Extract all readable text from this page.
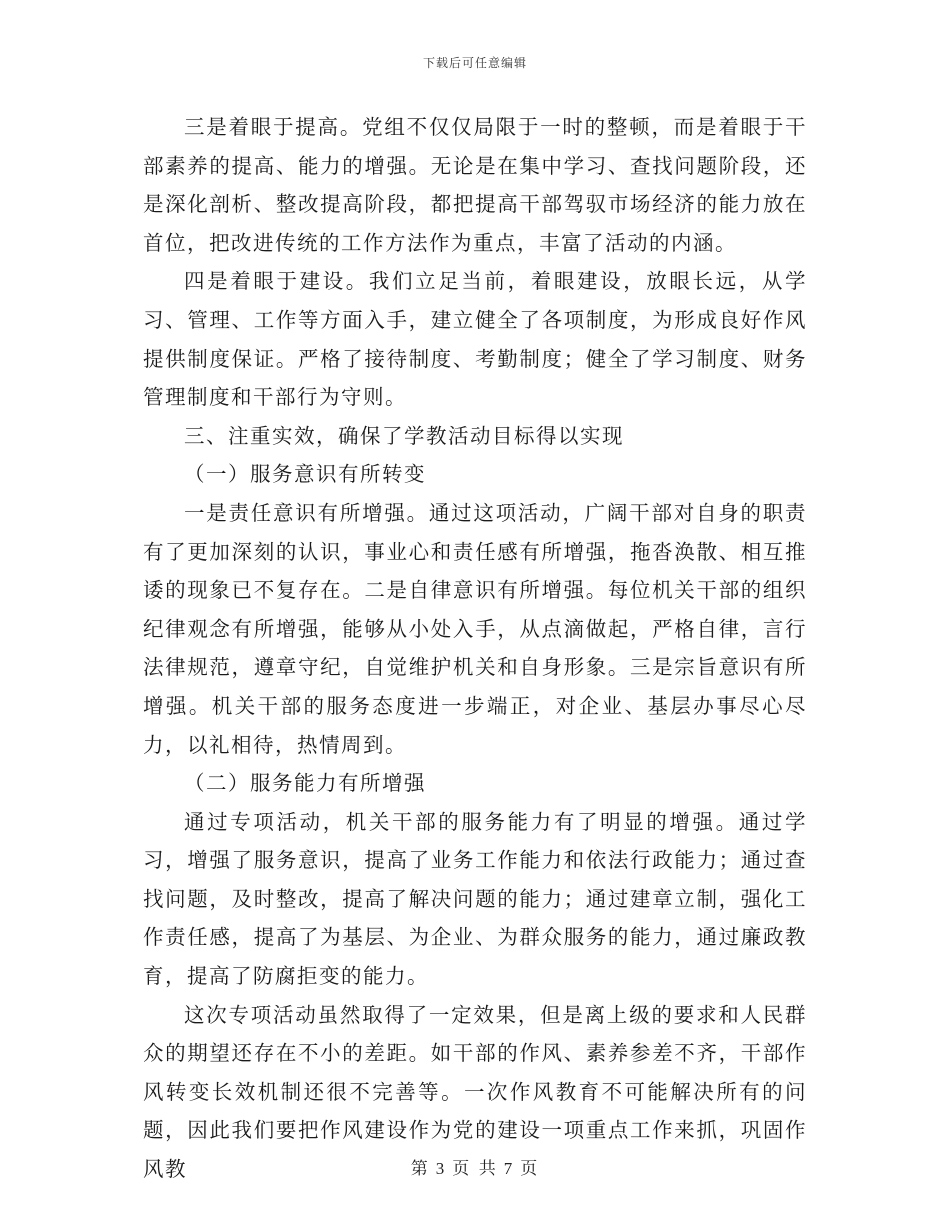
下载后可任意编辑

三是着眼于提高。党组不仅仅局限于一时的整顿，而是着眼于干部素养的提高、能力的增强。无论是在集中学习、查找问题阶段，还是深化剖析、整改提高阶段，都把提高干部驾驭市场经济的能力放在首位，把改进传统的工作方法作为重点，丰富了活动的内涵。

四是着眼于建设。我们立足当前，着眼建设，放眼长远，从学习、管理、工作等方面入手，建立健全了各项制度，为形成良好作风提供制度保证。严格了接待制度、考勤制度；健全了学习制度、财务管理制度和干部行为守则。

三、注重实效，确保了学教活动目标得以实现

（一）服务意识有所转变

一是责任意识有所增强。通过这项活动，广阔干部对自身的职责有了更加深刻的认识，事业心和责任感有所增强，拖沓涣散、相互推诿的现象已不复存在。二是自律意识有所增强。每位机关干部的组织纪律观念有所增强，能够从小处入手，从点滴做起，严格自律，言行法律规范，遵章守纪，自觉维护机关和自身形象。三是宗旨意识有所增强。机关干部的服务态度进一步端正，对企业、基层办事尽心尽力，以礼相待，热情周到。

（二）服务能力有所增强

通过专项活动，机关干部的服务能力有了明显的增强。通过学习，增强了服务意识，提高了业务工作能力和依法行政能力；通过查找问题，及时整改，提高了解决问题的能力；通过建章立制，强化工作责任感，提高了为基层、为企业、为群众服务的能力，通过廉政教育，提高了防腐拒变的能力。

这次专项活动虽然取得了一定效果，但是离上级的要求和人民群众的期望还存在不小的差距。如干部的作风、素养参差不齐，干部作风转变长效机制还很不完善等。一次作风教育不可能解决所有的问题，因此我们要把作风建设作为党的建设一项重点工作来抓，巩固作风教	第 3 页 共 7 页
